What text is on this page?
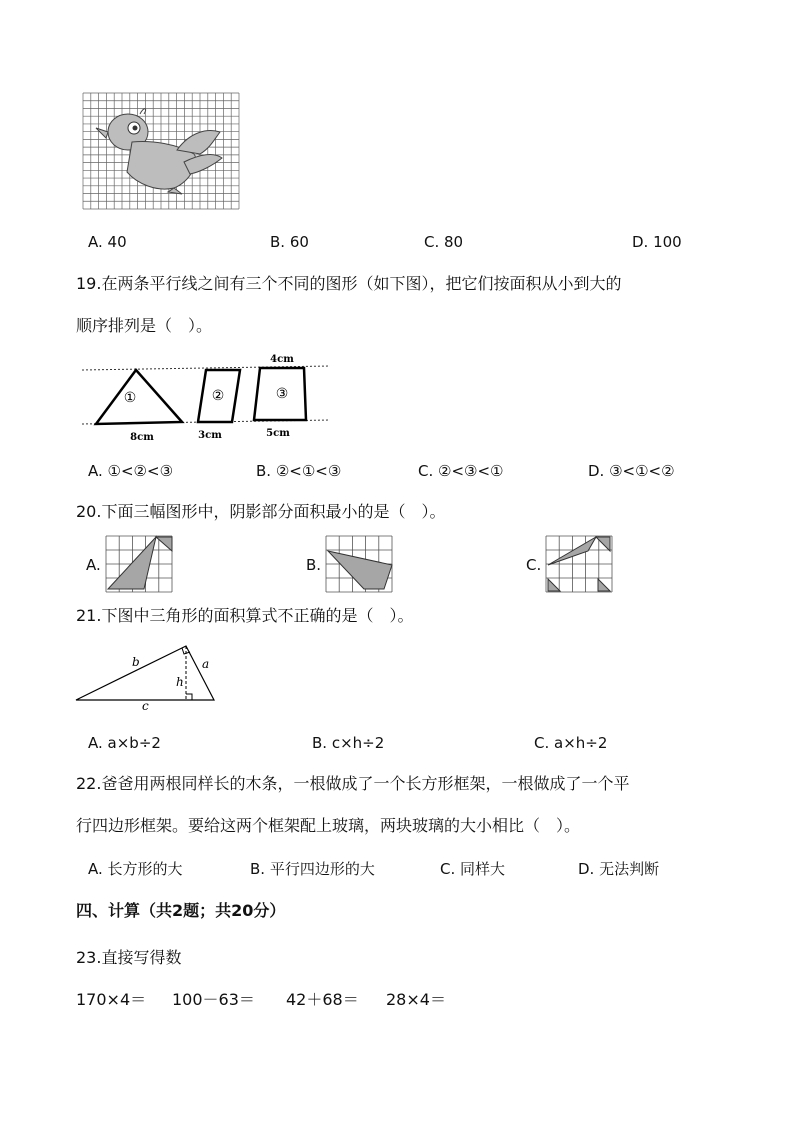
A. 40	B. 60	C. 80	D. 100
19.在两条平行线之间有三个不同的图形（如下图），把它们按面积从小到大的
顺序排列是（　）。
4cm
8cm	3cm	5cm
①	②	③
A. ①<②<③	B. ②<①<③	C. ②<③<①	D. ③<①<②
20.下面三幅图形中，阴影部分面积最小的是（　）。
A.	B.	C.
21.下图中三角形的面积算式不正确的是（　）。
b	a
h
c
A. a×b÷2	B. c×h÷2	C. a×h÷2
22.爸爸用两根同样长的木条，一根做成了一个长方形框架，一根做成了一个平
行四边形框架。要给这两个框架配上玻璃，两块玻璃的大小相比（　）。
A. 长方形的大	B. 平行四边形的大	C. 同样大	D. 无法判断
四、计算（共2题；共20分）
23.直接写得数
170×4＝ 100－63＝ 42＋68＝ 28×4＝
